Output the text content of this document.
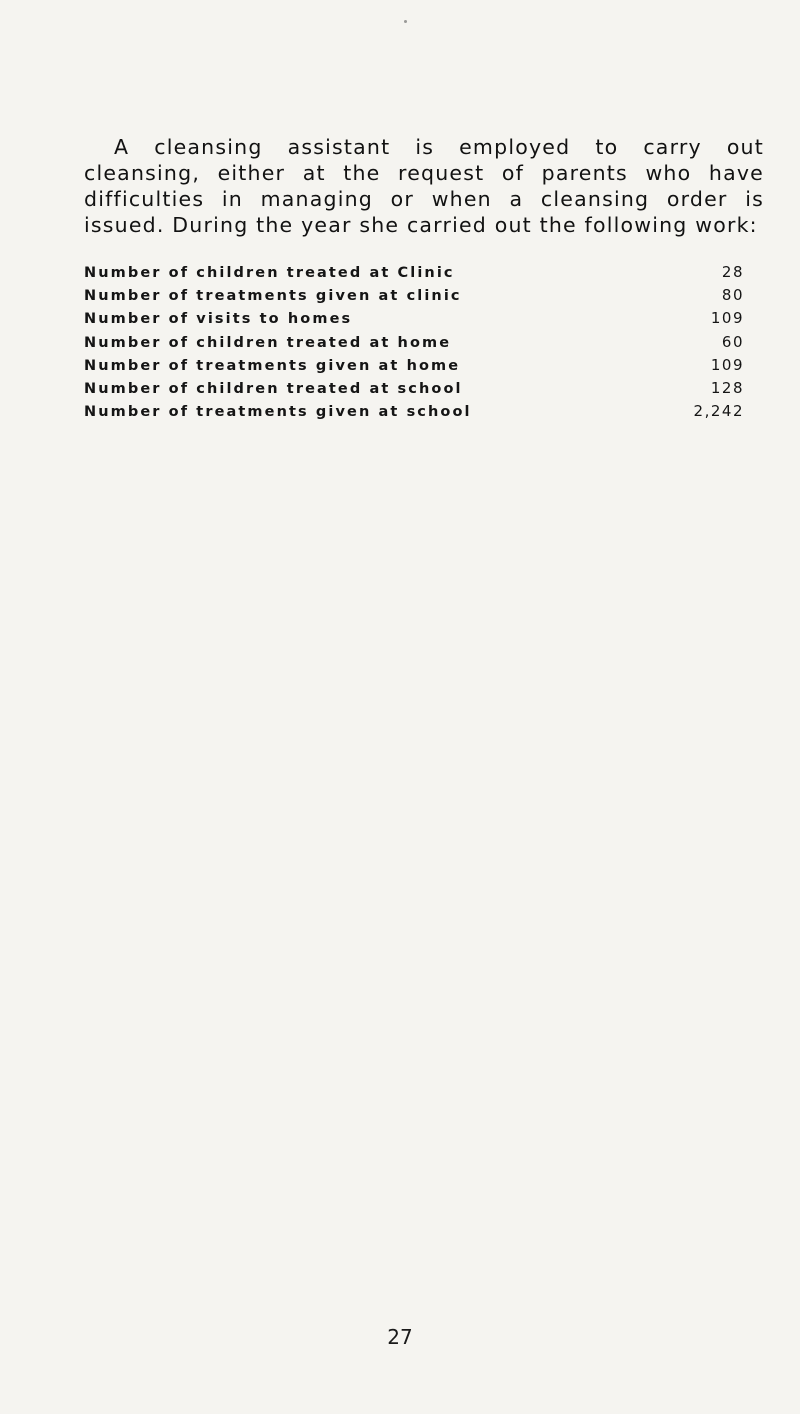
A cleansing assistant is employed to carry out cleansing, either at the request of parents who have difficulties in managing or when a cleansing order is issued. During the year she carried out the following work:

Number of children treated at Clinic	28
Number of treatments given at clinic	80
Number of visits to homes	109
Number of children treated at home	60
Number of treatments given at home	109
Number of children treated at school	128
Number of treatments given at school	2,242
27
